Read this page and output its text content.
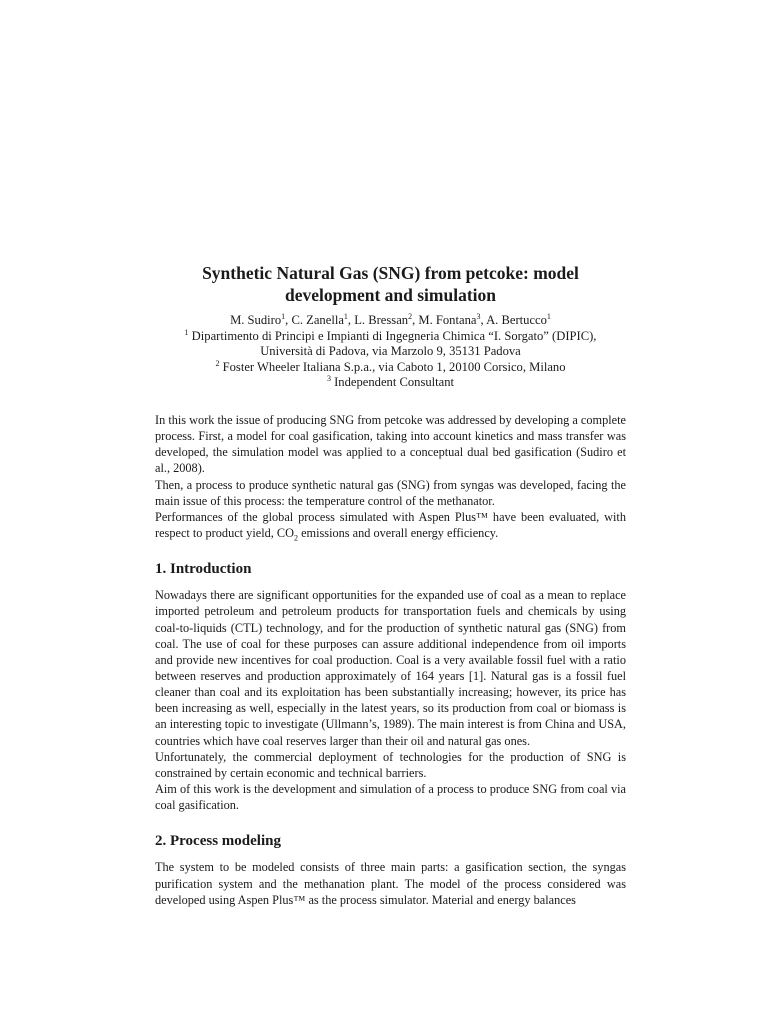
Synthetic Natural Gas (SNG) from petcoke: model
development and simulation
M. Sudiro$^1$, C. Zanella$^1$, L. Bressan$^2$, M. Fontana$^3$, A. Bertucco$^1$
$^1$ Dipartimento di Principi e Impianti di Ingegneria Chimica “I. Sorgato” (DIPIC),
Università di Padova, via Marzolo 9, 35131 Padova
$^2$ Foster Wheeler Italiana S.p.a., via Caboto 1, 20100 Corsico, Milano
$^3$ Independent Consultant

In this work the issue of producing SNG from petcoke was addressed by developing a complete process. First, a model for coal gasification, taking into account kinetics and mass transfer was developed, the simulation model was applied to a conceptual dual bed gasification (Sudiro et al., 2008).

Then, a process to produce synthetic natural gas (SNG) from syngas was developed, facing the main issue of this process: the temperature control of the methanator.

Performances of the global process simulated with Aspen Plus™ have been evaluated, with respect to product yield, $CO_2$ emissions and overall energy efficiency.

1. Introduction

Nowadays there are significant opportunities for the expanded use of coal as a mean to replace imported petroleum and petroleum products for transportation fuels and chemicals by using coal-to-liquids (CTL) technology, and for the production of synthetic natural gas (SNG) from coal. The use of coal for these purposes can assure additional independence from oil imports and provide new incentives for coal production. Coal is a very available fossil fuel with a ratio between reserves and production approximately of 164 years [1]. Natural gas is a fossil fuel cleaner than coal and its exploitation has been substantially increasing; however, its price has been increasing as well, especially in the latest years, so its production from coal or biomass is an interesting topic to investigate (Ullmann’s, 1989). The main interest is from China and USA, countries which have coal reserves larger than their oil and natural gas ones.

Unfortunately, the commercial deployment of technologies for the production of SNG is constrained by certain economic and technical barriers.

Aim of this work is the development and simulation of a process to produce SNG from coal via coal gasification.

2. Process modeling

The system to be modeled consists of three main parts: a gasification section, the syngas purification system and the methanation plant. The model of the process considered was developed using Aspen Plus™ as the process simulator. Material and energy balances
